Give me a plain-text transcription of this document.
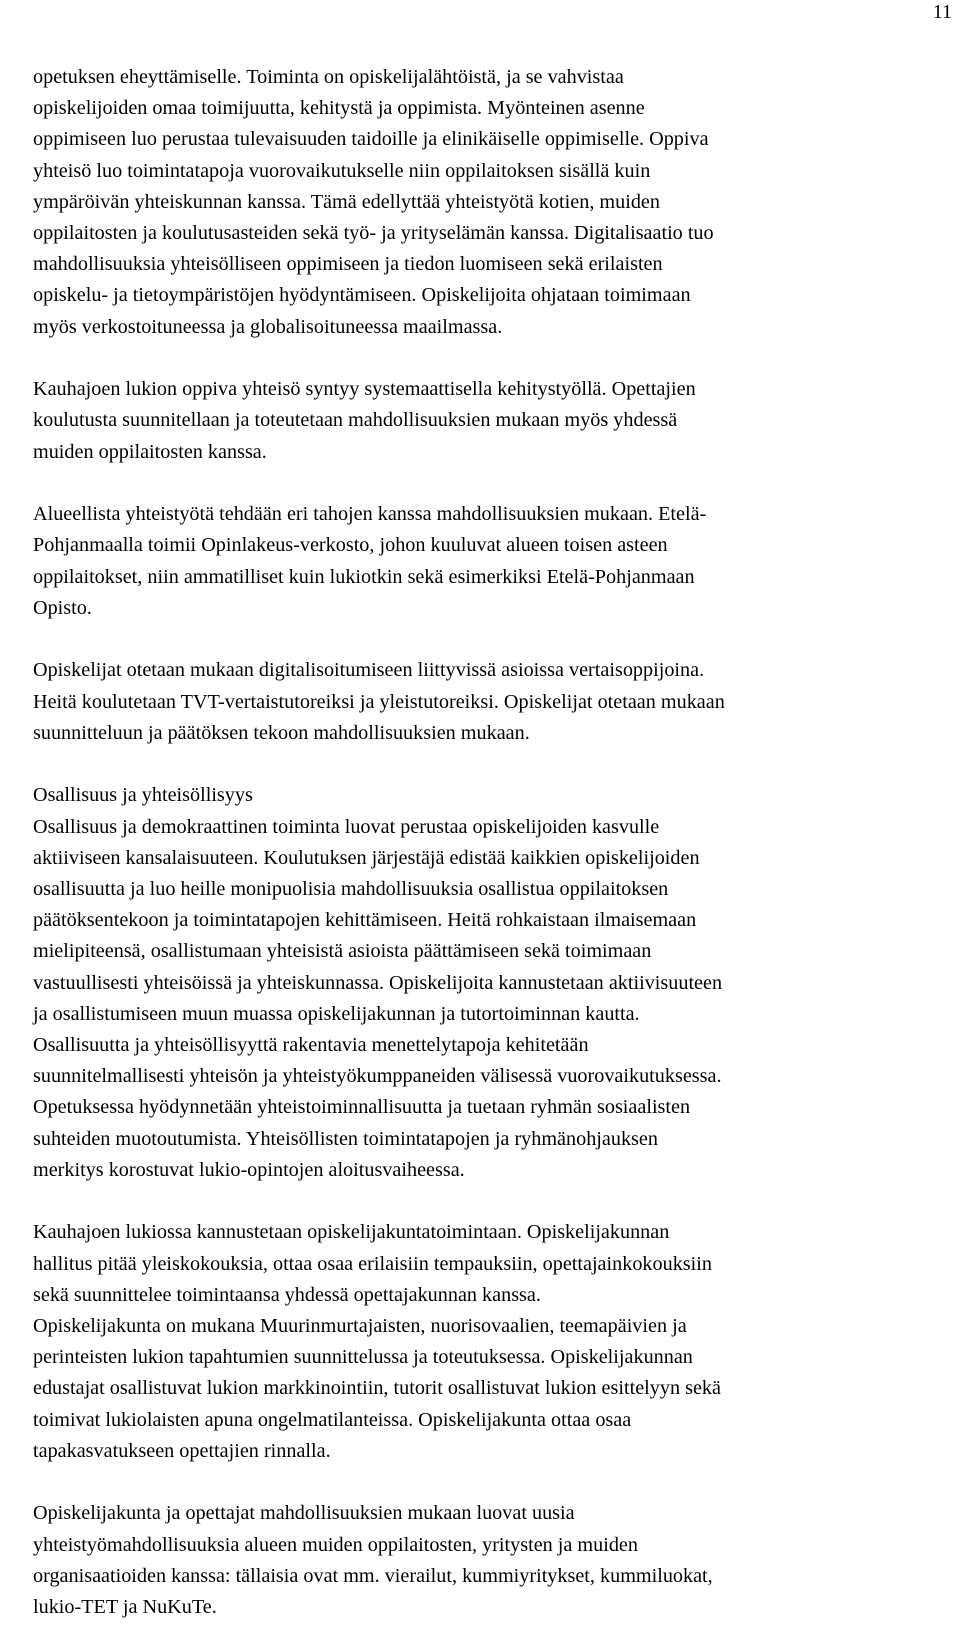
11

opetuksen eheyttämiselle. Toiminta on opiskelijalähtöistä, ja se vahvistaa
opiskelijoiden omaa toimijuutta, kehitystä ja oppimista. Myönteinen asenne
oppimiseen luo perustaa tulevaisuuden taidoille ja elinikäiselle oppimiselle. Oppiva
yhteisö luo toimintatapoja vuorovaikutukselle niin oppilaitoksen sisällä kuin
ympäröivän yhteiskunnan kanssa. Tämä edellyttää yhteistyötä kotien, muiden
oppilaitosten ja koulutusasteiden sekä työ- ja yrityselämän kanssa. Digitalisaatio tuo
mahdollisuuksia yhteisölliseen oppimiseen ja tiedon luomiseen sekä erilaisten
opiskelu- ja tietoympäristöjen hyödyntämiseen. Opiskelijoita ohjataan toimimaan
myös verkostoituneessa ja globalisoituneessa maailmassa.

Kauhajoen lukion oppiva yhteisö syntyy systemaattisella kehitystyöllä. Opettajien
koulutusta suunnitellaan ja toteutetaan mahdollisuuksien mukaan myös yhdessä
muiden oppilaitosten kanssa.

Alueellista yhteistyötä tehdään eri tahojen kanssa mahdollisuuksien mukaan. Etelä-
Pohjanmaalla toimii Opinlakeus-verkosto, johon kuuluvat alueen toisen asteen
oppilaitokset, niin ammatilliset kuin lukiotkin sekä esimerkiksi Etelä-Pohjanmaan
Opisto.

Opiskelijat otetaan mukaan digitalisoitumiseen liittyvissä asioissa vertaisoppijoina.
Heitä koulutetaan TVT-vertaistutoreiksi ja yleistutoreiksi. Opiskelijat otetaan mukaan
suunnitteluun ja päätöksen tekoon mahdollisuuksien mukaan.

Osallisuus ja yhteisöllisyys
Osallisuus ja demokraattinen toiminta luovat perustaa opiskelijoiden kasvulle
aktiiviseen kansalaisuuteen. Koulutuksen järjestäjä edistää kaikkien opiskelijoiden
osallisuutta ja luo heille monipuolisia mahdollisuuksia osallistua oppilaitoksen
päätöksentekoon ja toimintatapojen kehittämiseen. Heitä rohkaistaan ilmaisemaan
mielipiteensä, osallistumaan yhteisistä asioista päättämiseen sekä toimimaan
vastuullisesti yhteisöissä ja yhteiskunnassa. Opiskelijoita kannustetaan aktiivisuuteen
ja osallistumiseen muun muassa opiskelijakunnan ja tutortoiminnan kautta.
Osallisuutta ja yhteisöllisyyttä rakentavia menettelytapoja kehitetään
suunnitelmallisesti yhteisön ja yhteistyökumppaneiden välisessä vuorovaikutuksessa.
Opetuksessa hyödynnetään yhteistoiminnallisuutta ja tuetaan ryhmän sosiaalisten
suhteiden muotoutumista. Yhteisöllisten toimintatapojen ja ryhmänohjauksen
merkitys korostuvat lukio-opintojen aloitusvaiheessa.

Kauhajoen lukiossa kannustetaan opiskelijakuntatoimintaan. Opiskelijakunnan
hallitus pitää yleiskokouksia, ottaa osaa erilaisiin tempauksiin, opettajainkokouksiin
sekä suunnittelee toimintaansa yhdessä opettajakunnan kanssa.
Opiskelijakunta on mukana Muurinmurtajaisten, nuorisovaalien, teemapäivien ja
perinteisten lukion tapahtumien suunnittelussa ja toteutuksessa. Opiskelijakunnan
edustajat osallistuvat lukion markkinointiin, tutorit osallistuvat lukion esittelyyn sekä
toimivat lukiolaisten apuna ongelmatilanteissa. Opiskelijakunta ottaa osaa
tapakasvatukseen opettajien rinnalla.

Opiskelijakunta ja opettajat mahdollisuuksien mukaan luovat uusia
yhteistyömahdollisuuksia alueen muiden oppilaitosten, yritysten ja muiden
organisaatioiden kanssa: tällaisia ovat mm. vierailut, kummiyritykset, kummiluokat,
lukio-TET ja NuKuTe.
